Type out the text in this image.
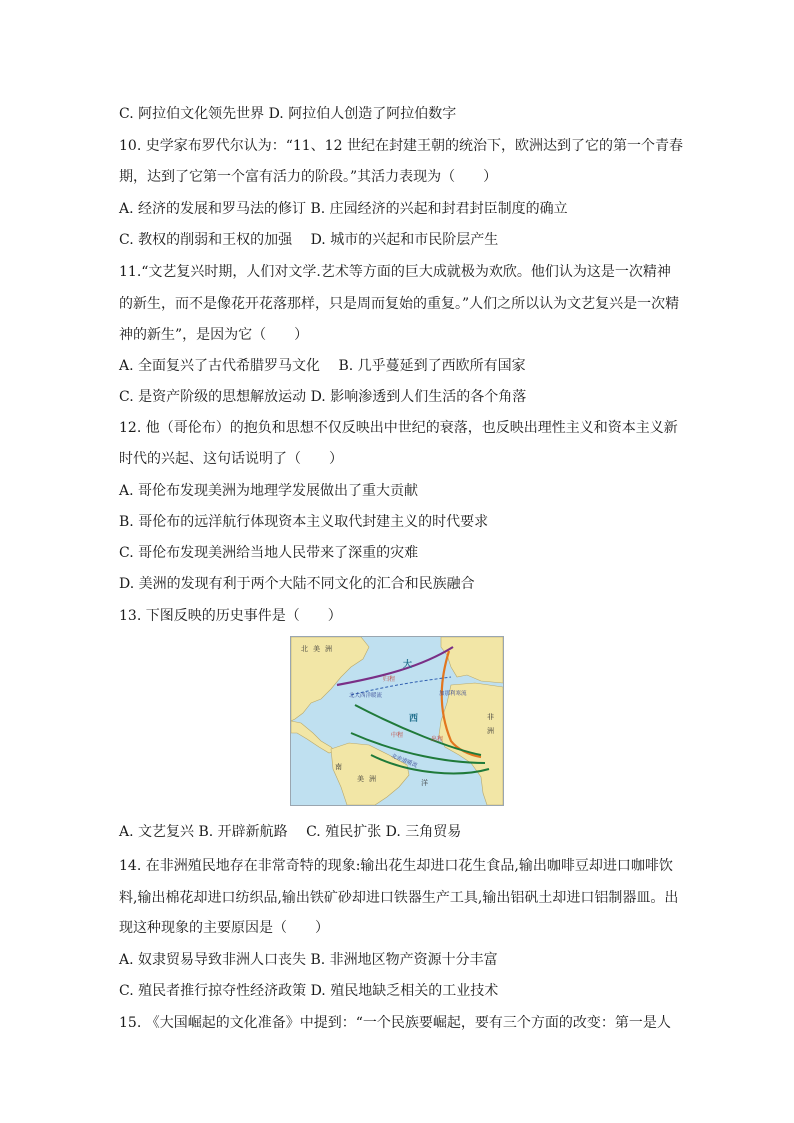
C. 阿拉伯文化领先世界 D. 阿拉伯人创造了阿拉伯数字
10. 史学家布罗代尔认为：“11、12 世纪在封建王朝的统治下，欧洲达到了它的第一个青春
期，达到了它第一个富有活力的阶段。”其活力表现为（　　）
A. 经济的发展和罗马法的修订 B. 庄园经济的兴起和封君封臣制度的确立
C. 教权的削弱和王权的加强　 D. 城市的兴起和市民阶层产生
11.“文艺复兴时期，人们对文学.艺术等方面的巨大成就极为欢欣。他们认为这是一次精神
的新生，而不是像花开花落那样，只是周而复始的重复。”人们之所以认为文艺复兴是一次精
神的新生”，是因为它（　　）
A. 全面复兴了古代希腊罗马文化　 B. 几乎蔓延到了西欧所有国家
C. 是资产阶级的思想解放运动 D. 影响渗透到人们生活的各个角落
12. 他（哥伦布）的抱负和思想不仅反映出中世纪的衰落，也反映出理性主义和资本主义新
时代的兴起、这句话说明了（　　）
A. 哥伦布发现美洲为地理学发展做出了重大贡献
B. 哥伦布的远洋航行体现资本主义取代封建主义的时代要求
C. 哥伦布发现美洲给当地人民带来了深重的灾难
D. 美洲的发现有利于两个大陆不同文化的汇合和民族融合
13. 下图反映的历史事件是（　　）
A. 文艺复兴 B. 开辟新航路　 C. 殖民扩张 D. 三角贸易
14. 在非洲殖民地存在非常奇特的现象:输出花生却进口花生食品,输出咖啡豆却进口咖啡饮
料,输出棉花却进口纺织品,输出铁矿砂却进口铁器生产工具,输出铝矾土却进口铝制器皿。出
现这种现象的主要原因是（　　）
A. 奴隶贸易导致非洲人口丧失 B. 非洲地区物产资源十分丰富
C. 殖民者推行掠夺性经济政策 D. 殖民地缺乏相关的工业技术
15. 《大国崛起的文化准备》中提到：“一个民族要崛起，要有三个方面的改变：第一是人
北 美 洲
南
美 洲
非
洲
洋
大
西
归程
中程
出程
北大西洋暖流
北赤道暖流
加那利寒流
